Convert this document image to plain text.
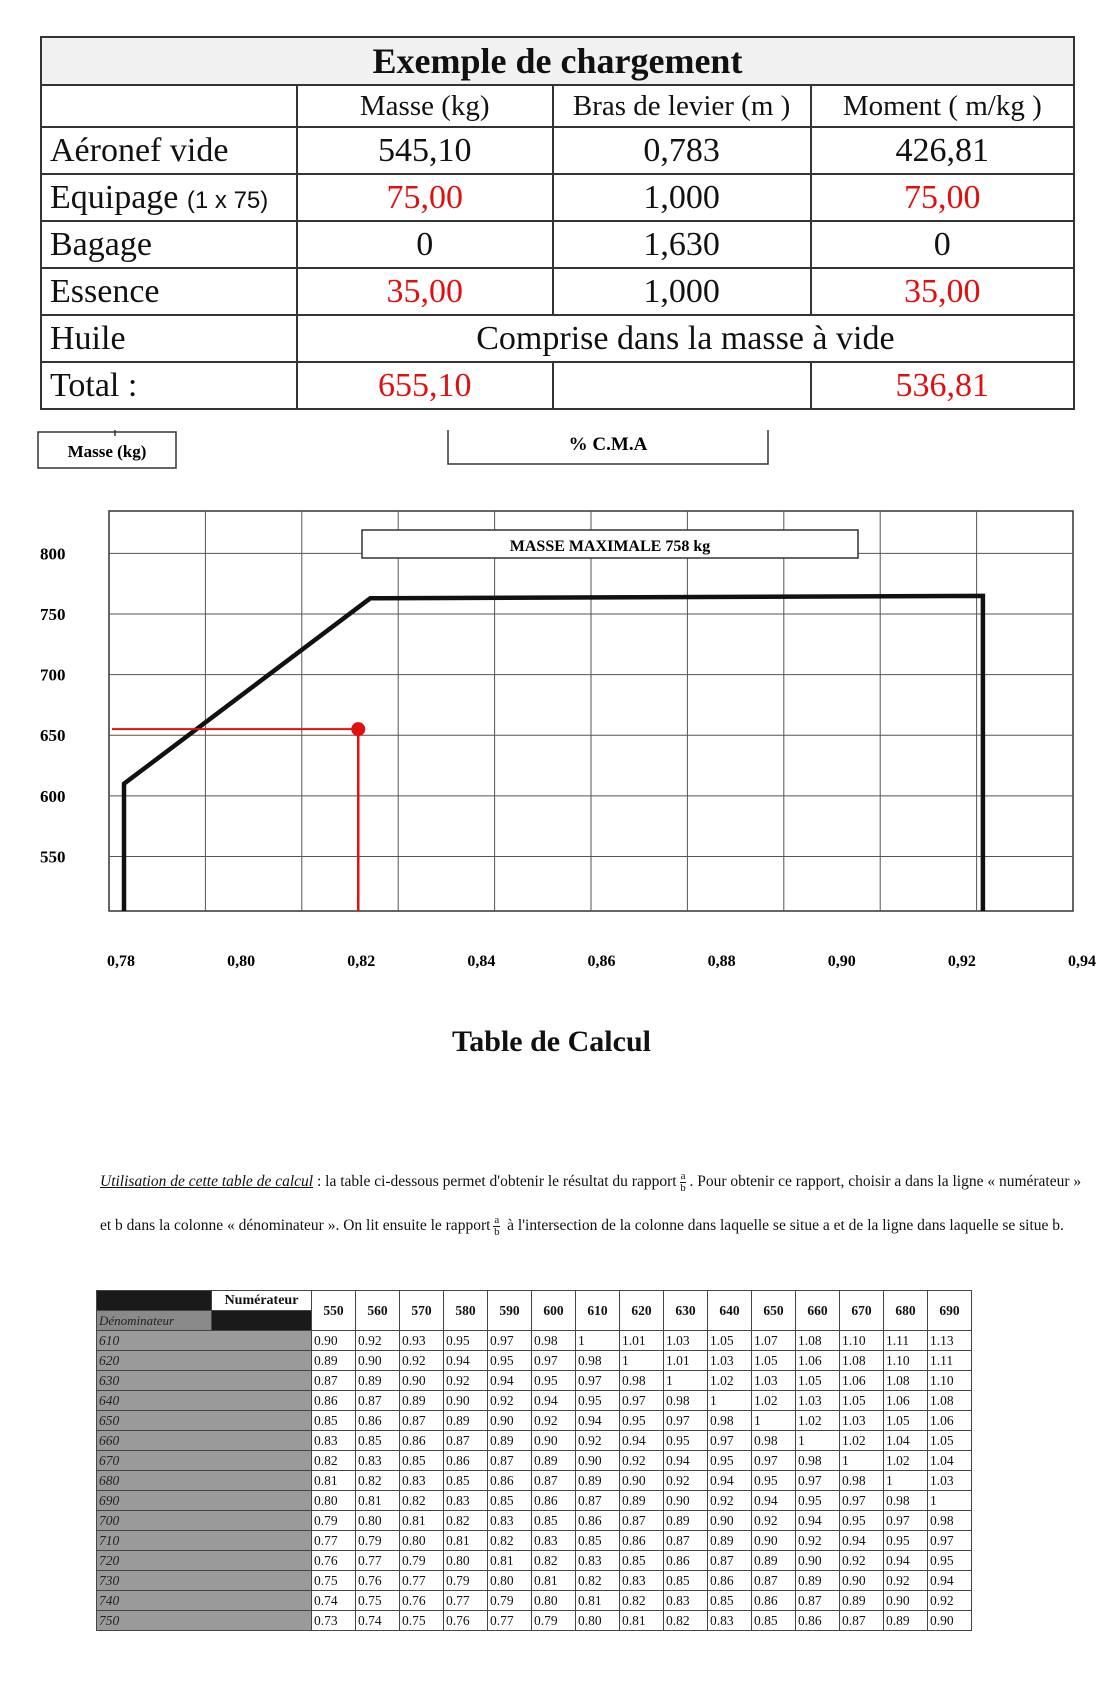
Exemple de chargement			
	Masse (kg)	Bras de levier (m )	Moment ( m/kg )
Aéronef vide	545,10	0,783	426,81
Equipage (1 x 75)	75,00	1,000	75,00
Bagage	0	1,630	0
Essence	35,00	1,000	35,00
Huile	Comprise dans la masse à vide		
Total :	655,10		536,81
Masse (kg)	% C.M.A
MASSE MAXIMALE 758 kg
800
750
700
650
600
550
0,78	0,80	0,82	0,84	0,86	0,88	0,90	0,92	0,94
Table de Calcul
Utilisation de cette table de calcul : la table ci-dessous permet d'obtenir le résultat du rapport $\frac{a}{b}$ . Pour obtenir ce rapport, choisir a dans la ligne « numérateur » et b dans la colonne « dénominateur ». On lit ensuite le rapport $\frac{a}{b}$ à l'intersection de la colonne dans laquelle se situe a et de la ligne dans laquelle se situe b.
	Numérateur	550	560	570	580	590	600	610	620	630	640	650	660	670	680	690
Dénominateur																
610		0.90	0.92	0.93	0.95	0.97	0.98	1	1.01	1.03	1.05	1.07	1.08	1.10	1.11	1.13
620		0.89	0.90	0.92	0.94	0.95	0.97	0.98	1	1.01	1.03	1.05	1.06	1.08	1.10	1.11
630		0.87	0.89	0.90	0.92	0.94	0.95	0.97	0.98	1	1.02	1.03	1.05	1.06	1.08	1.10
640		0.86	0.87	0.89	0.90	0.92	0.94	0.95	0.97	0.98	1	1.02	1.03	1.05	1.06	1.08
650		0.85	0.86	0.87	0.89	0.90	0.92	0.94	0.95	0.97	0.98	1	1.02	1.03	1.05	1.06
660		0.83	0.85	0.86	0.87	0.89	0.90	0.92	0.94	0.95	0.97	0.98	1	1.02	1.04	1.05
670		0.82	0.83	0.85	0.86	0.87	0.89	0.90	0.92	0.94	0.95	0.97	0.98	1	1.02	1.04
680		0.81	0.82	0.83	0.85	0.86	0.87	0.89	0.90	0.92	0.94	0.95	0.97	0.98	1	1.03
690		0.80	0.81	0.82	0.83	0.85	0.86	0.87	0.89	0.90	0.92	0.94	0.95	0.97	0.98	1
700		0.79	0.80	0.81	0.82	0.83	0.85	0.86	0.87	0.89	0.90	0.92	0.94	0.95	0.97	0.98
710		0.77	0.79	0.80	0.81	0.82	0.83	0.85	0.86	0.87	0.89	0.90	0.92	0.94	0.95	0.97
720		0.76	0.77	0.79	0.80	0.81	0.82	0.83	0.85	0.86	0.87	0.89	0.90	0.92	0.94	0.95
730		0.75	0.76	0.77	0.79	0.80	0.81	0.82	0.83	0.85	0.86	0.87	0.89	0.90	0.92	0.94
740		0.74	0.75	0.76	0.77	0.79	0.80	0.81	0.82	0.83	0.85	0.86	0.87	0.89	0.90	0.92
750		0.73	0.74	0.75	0.76	0.77	0.79	0.80	0.81	0.82	0.83	0.85	0.86	0.87	0.89	0.90
